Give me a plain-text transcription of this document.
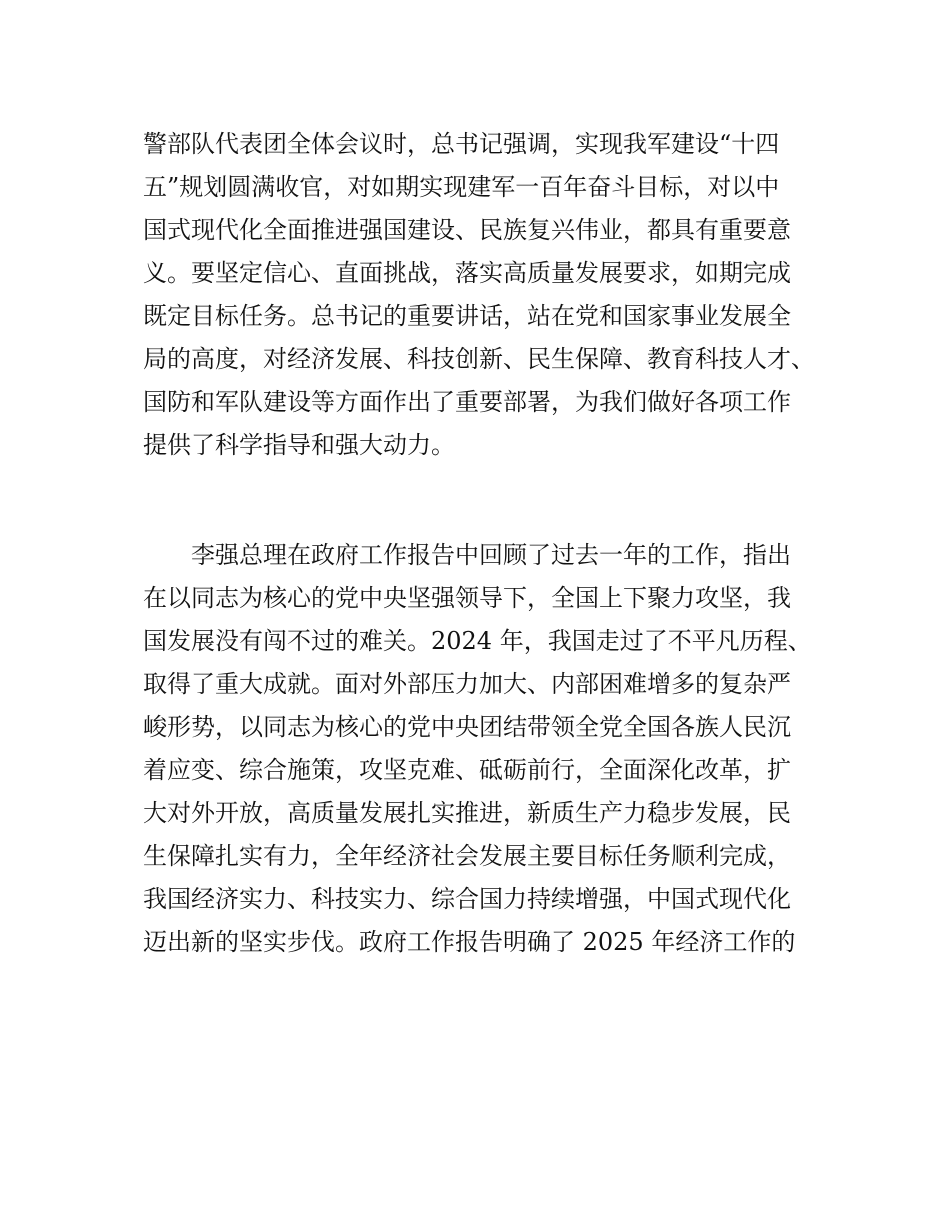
警部队代表团全体会议时，总书记强调，实现我军建设“十四
五”规划圆满收官，对如期实现建军一百年奋斗目标，对以中
国式现代化全面推进强国建设、民族复兴伟业，都具有重要意
义。要坚定信心、直面挑战，落实高质量发展要求，如期完成
既定目标任务。总书记的重要讲话，站在党和国家事业发展全
局的高度，对经济发展、科技创新、民生保障、教育科技人才、
国防和军队建设等方面作出了重要部署，为我们做好各项工作
提供了科学指导和强大动力。
李强总理在政府工作报告中回顾了过去一年的工作，指出
在以同志为核心的党中央坚强领导下，全国上下聚力攻坚，我
国发展没有闯不过的难关。2024 年，我国走过了不平凡历程、
取得了重大成就。面对外部压力加大、内部困难增多的复杂严
峻形势，以同志为核心的党中央团结带领全党全国各族人民沉
着应变、综合施策，攻坚克难、砥砺前行，全面深化改革，扩
大对外开放，高质量发展扎实推进，新质生产力稳步发展，民
生保障扎实有力，全年经济社会发展主要目标任务顺利完成，
我国经济实力、科技实力、综合国力持续增强，中国式现代化
迈出新的坚实步伐。政府工作报告明确了 2025 年经济工作的
